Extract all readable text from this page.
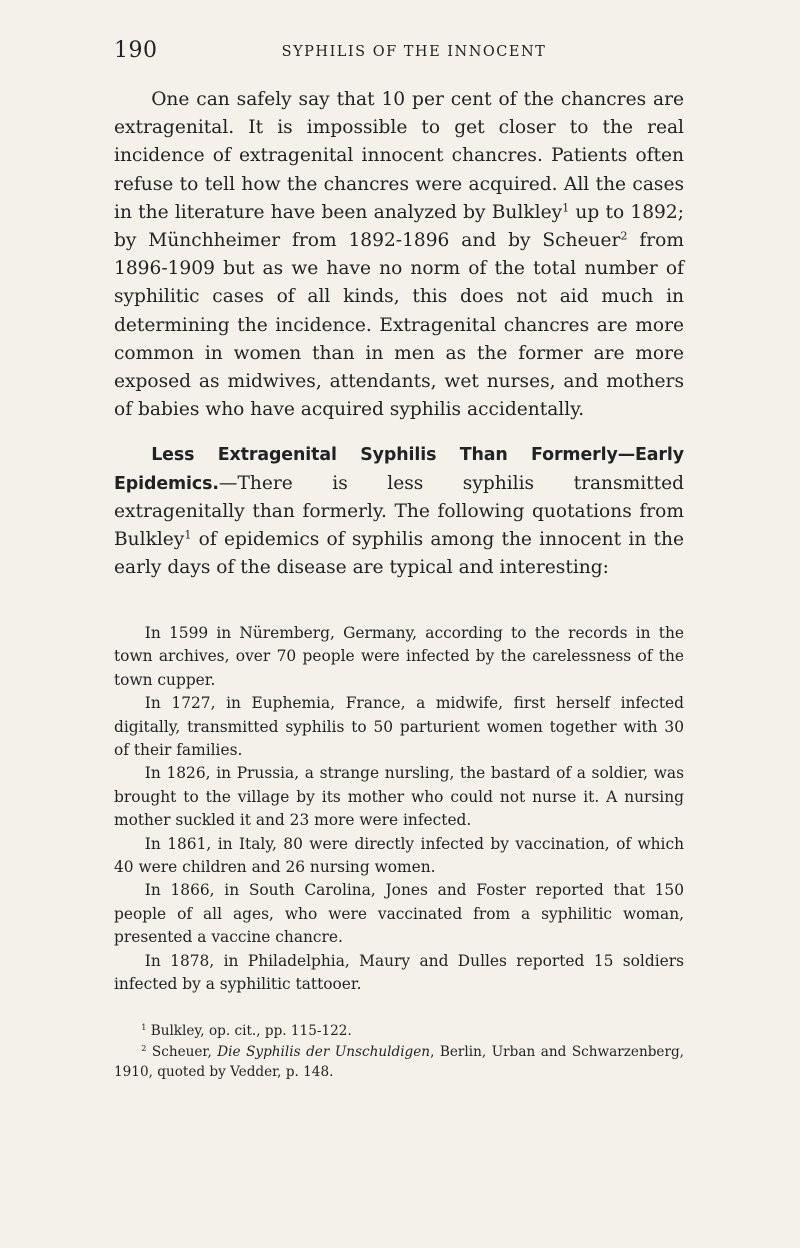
190	SYPHILIS OF THE INNOCENT

One can safely say that 10 per cent of the chancres are extragenital. It is impossible to get closer to the real incidence of extragenital innocent chancres. Patients often refuse to tell how the chancres were acquired. All the cases in the literature have been analyzed by Bulkley$^1$ up to 1892; by Münchheimer from 1892-1896 and by Scheuer$^2$ from 1896-1909 but as we have no norm of the total number of syphilitic cases of all kinds, this does not aid much in determining the incidence. Extragenital chancres are more common in women than in men as the former are more exposed as midwives, attendants, wet nurses, and mothers of babies who have acquired syphilis accidentally.

Less Extragenital Syphilis Than Formerly—Early Epidemics.—There is less syphilis transmitted extragenitally than formerly. The following quotations from Bulkley$^1$ of epidemics of syphilis among the innocent in the early days of the disease are typical and interesting:

In 1599 in Nüremberg, Germany, according to the records in the town archives, over 70 people were infected by the carelessness of the town cupper.

In 1727, in Euphemia, France, a midwife, first herself infected digitally, transmitted syphilis to 50 parturient women together with 30 of their families.

In 1826, in Prussia, a strange nursling, the bastard of a soldier, was brought to the village by its mother who could not nurse it. A nursing mother suckled it and 23 more were infected.

In 1861, in Italy, 80 were directly infected by vaccination, of which 40 were children and 26 nursing women.

In 1866, in South Carolina, Jones and Foster reported that 150 people of all ages, who were vaccinated from a syphilitic woman, presented a vaccine chancre.

In 1878, in Philadelphia, Maury and Dulles reported 15 soldiers infected by a syphilitic tattooer.

$^1$ Bulkley, op. cit., pp. 115-122.

$^2$ Scheuer, Die Syphilis der Unschuldigen, Berlin, Urban and Schwarzenberg, 1910, quoted by Vedder, p. 148.
